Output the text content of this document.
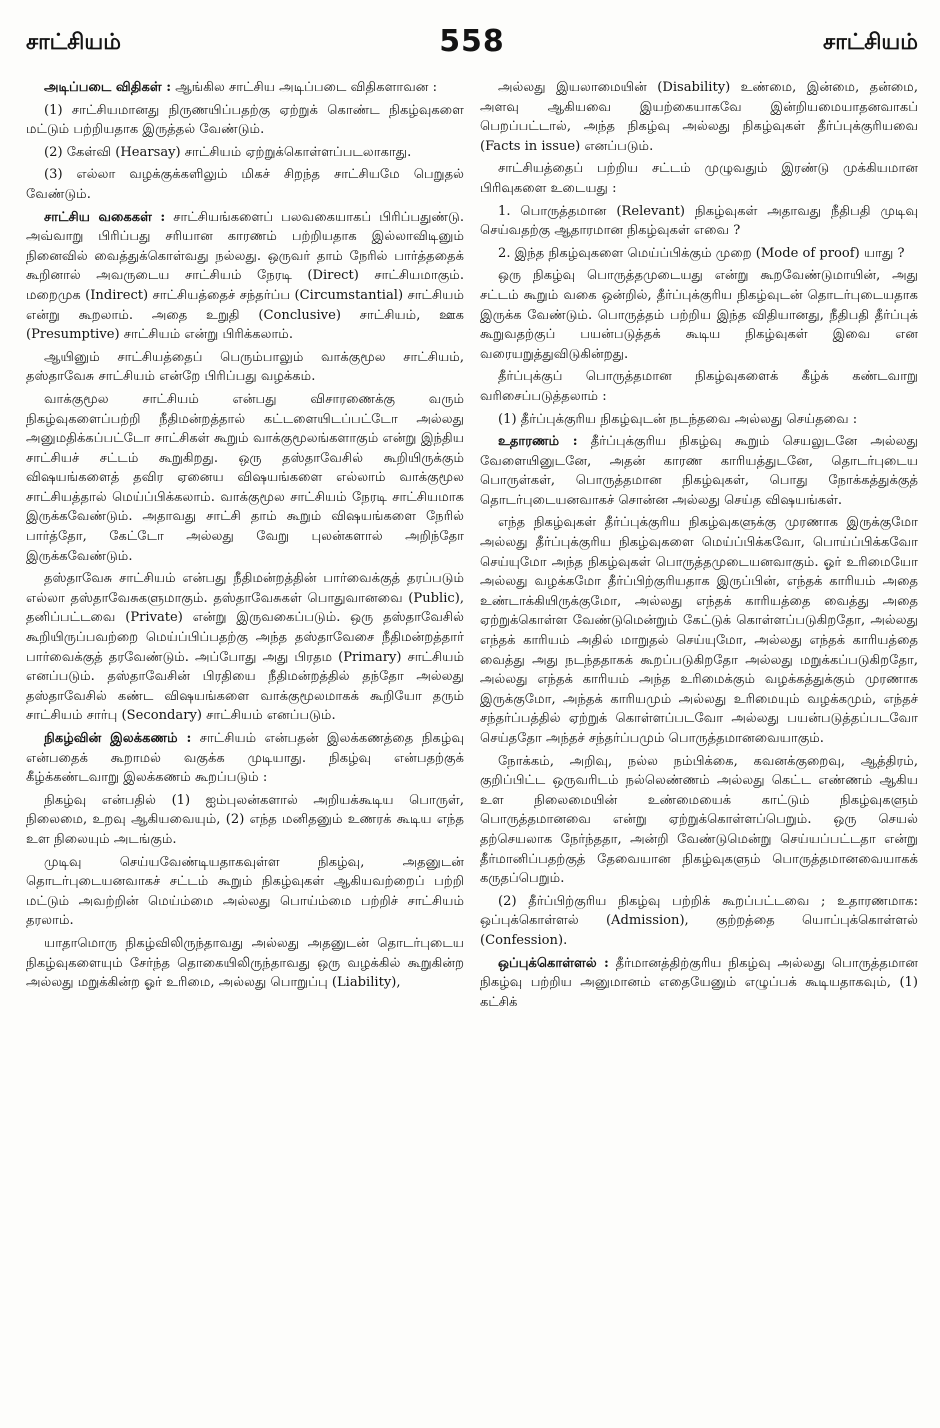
சாட்சியம்	558	சாட்சியம்

அடிப்படை விதிகள் : ஆங்கில சாட்சிய அடிப்படை விதிகளாவன :

(1) சாட்சியமானது நிருணயிப்பதற்கு ஏற்றுக் கொண்ட நிகழ்வுகளை மட்டும் பற்றியதாக இருத்தல் வேண்டும்.

(2) கேள்வி (Hearsay) சாட்சியம் ஏற்றுக்கொள்ளப்படலாகாது.

(3) எல்லா வழக்குக்களிலும் மிகச் சிறந்த சாட்சியமே பெறுதல் வேண்டும்.

சாட்சிய வகைகள் : சாட்சியங்களைப் பலவகையாகப் பிரிப்பதுண்டு. அவ்வாறு பிரிப்பது சரியான காரணம் பற்றியதாக இல்லாவிடினும் நினைவில் வைத்துக்கொள்வது நல்லது. ஒருவர் தாம் நேரில் பார்த்ததைக் கூறினால் அவருடைய சாட்சியம் நேரடி (Direct) சாட்சியமாகும். மறைமுக (Indirect) சாட்சியத்தைச் சந்தர்ப்ப (Circumstantial) சாட்சியம் என்று கூறலாம். அதை உறுதி (Conclusive) சாட்சியம், ஊக (Presumptive) சாட்சியம் என்று பிரிக்கலாம்.

ஆயினும் சாட்சியத்தைப் பெரும்பாலும் வாக்குமூல சாட்சியம், தஸ்தாவேசு சாட்சியம் என்றே பிரிப்பது வழக்கம்.

வாக்குமூல சாட்சியம் என்பது விசாரணைக்கு வரும் நிகழ்வுகளைப்பற்றி நீதிமன்றத்தால் கட்டளையிடப்பட்டோ அல்லது அனுமதிக்கப்பட்டோ சாட்சிகள் கூறும் வாக்குமூலங்களாகும் என்று இந்திய சாட்சியச் சட்டம் கூறுகிறது. ஒரு தஸ்தாவேசில் கூறியிருக்கும் விஷயங்களைத் தவிர ஏனைய விஷயங்களை எல்லாம் வாக்குமூல சாட்சியத்தால் மெய்ப்பிக்கலாம். வாக்குமூல சாட்சியம் நேரடி சாட்சியமாக இருக்கவேண்டும். அதாவது சாட்சி தாம் கூறும் விஷயங்களை நேரில் பார்த்தோ, கேட்டோ அல்லது வேறு புலன்களால் அறிந்தோ இருக்கவேண்டும்.

தஸ்தாவேசு சாட்சியம் என்பது நீதிமன்றத்தின் பார்வைக்குத் தரப்படும் எல்லா தஸ்தாவேசுகளுமாகும். தஸ்தாவேசுகள் பொதுவானவை (Public), தனிப்பட்டவை (Private) என்று இருவகைப்படும். ஒரு தஸ்தாவேசில் கூறியிருப்பவற்றை மெய்ப்பிப்பதற்கு அந்த தஸ்தாவேசை நீதிமன்றத்தார் பார்வைக்குத் தரவேண்டும். அப்போது அது பிரதம (Primary) சாட்சியம் எனப்படும். தஸ்தாவேசின் பிரதியை நீதிமன்றத்தில் தந்தோ அல்லது தஸ்தாவேசில் கண்ட விஷயங்களை வாக்குமூலமாகக் கூறியோ தரும் சாட்சியம் சார்பு (Secondary) சாட்சியம் எனப்படும்.

நிகழ்வின் இலக்கணம் : சாட்சியம் என்பதன் இலக்கணத்தை நிகழ்வு என்பதைக் கூறாமல் வகுக்க முடியாது. நிகழ்வு என்பதற்குக் கீழ்க்கண்டவாறு இலக்கணம் கூறப்படும் :

நிகழ்வு என்பதில் (1) ஐம்புலன்களால் அறியக்கூடிய பொருள், நிலைமை, உறவு ஆகியவையும், (2) எந்த மனிதனும் உணரக் கூடிய எந்த உள நிலையும் அடங்கும்.

முடிவு செய்யவேண்டியதாகவுள்ள நிகழ்வு, அதனுடன் தொடர்புடையனவாகச் சட்டம் கூறும் நிகழ்வுகள் ஆகியவற்றைப் பற்றி மட்டும் அவற்றின் மெய்ம்மை அல்லது பொய்ம்மை பற்றிச் சாட்சியம் தரலாம்.

யாதாமொரு நிகழ்விலிருந்தாவது அல்லது அதனுடன் தொடர்புடைய நிகழ்வுகளையும் சேர்ந்த தொகையிலிருந்தாவது ஒரு வழக்கில் கூறுகின்ற அல்லது மறுக்கின்ற ஓர் உரிமை, அல்லது பொறுப்பு (Liability),

அல்லது இயலாமையின் (Disability) உண்மை, இன்மை, தன்மை, அளவு ஆகியவை இயற்கையாகவே இன்றியமையாதனவாகப் பெறப்பட்டால், அந்த நிகழ்வு அல்லது நிகழ்வுகள் தீர்ப்புக்குரியவை (Facts in issue) எனப்படும்.

சாட்சியத்தைப் பற்றிய சட்டம் முழுவதும் இரண்டு முக்கியமான பிரிவுகளை உடையது :

1. பொருத்தமான (Relevant) நிகழ்வுகள் அதாவது நீதிபதி முடிவு செய்வதற்கு ஆதாரமான நிகழ்வுகள் எவை ?

2. இந்த நிகழ்வுகளை மெய்ப்பிக்கும் முறை (Mode of proof) யாது ?

ஒரு நிகழ்வு பொருத்தமுடையது என்று கூறவேண்டுமாயின், அது சட்டம் கூறும் வகை ஒன்றில், தீர்ப்புக்குரிய நிகழ்வுடன் தொடர்புடையதாக இருக்க வேண்டும். பொருத்தம் பற்றிய இந்த விதியானது, நீதிபதி தீர்ப்புக் கூறுவதற்குப் பயன்படுத்தக் கூடிய நிகழ்வுகள் இவை என வரையறுத்துவிடுகின்றது.

தீர்ப்புக்குப் பொருத்தமான நிகழ்வுகளைக் கீழ்க் கண்டவாறு வரிசைப்படுத்தலாம் :

(1) தீர்ப்புக்குரிய நிகழ்வுடன் நடந்தவை அல்லது செய்தவை :

உதாரணம் : தீர்ப்புக்குரிய நிகழ்வு கூறும் செயலுடனே அல்லது வேளையினுடனே, அதன் காரண காரியத்துடனே, தொடர்புடைய பொருள்கள், பொருத்தமான நிகழ்வுகள், பொது நோக்கத்துக்குத் தொடர்புடையனவாகச் சொன்ன அல்லது செய்த விஷயங்கள்.

எந்த நிகழ்வுகள் தீர்ப்புக்குரிய நிகழ்வுகளுக்கு முரணாக இருக்குமோ அல்லது தீர்ப்புக்குரிய நிகழ்வுகளை மெய்ப்பிக்கவோ, பொய்ப்பிக்கவோ செய்யுமோ அந்த நிகழ்வுகள் பொருத்தமுடையனவாகும். ஓர் உரிமையோ அல்லது வழக்கமோ தீர்ப்பிற்குரியதாக இருப்பின், எந்தக் காரியம் அதை உண்டாக்கியிருக்குமோ, அல்லது எந்தக் காரியத்தை வைத்து அதை ஏற்றுக்கொள்ள வேண்டுமென்றும் கேட்டுக் கொள்ளப்படுகிறதோ, அல்லது எந்தக் காரியம் அதில் மாறுதல் செய்யுமோ, அல்லது எந்தக் காரியத்தை வைத்து அது நடந்ததாகக் கூறப்படுகிறதோ அல்லது மறுக்கப்படுகிறதோ, அல்லது எந்தக் காரியம் அந்த உரிமைக்கும் வழக்கத்துக்கும் முரணாக இருக்குமோ, அந்தக் காரியமும் அல்லது உரிமையும் வழக்கமும், எந்தச் சந்தர்ப்பத்தில் ஏற்றுக் கொள்ளப்படவோ அல்லது பயன்படுத்தப்படவோ செய்ததோ அந்தச் சந்தர்ப்பமும் பொருத்தமானவையாகும்.

நோக்கம், அறிவு, நல்ல நம்பிக்கை, கவனக்குறைவு, ஆத்திரம், குறிப்பிட்ட ஒருவரிடம் நல்லெண்ணம் அல்லது கெட்ட எண்ணம் ஆகிய உள நிலைமையின் உண்மையைக் காட்டும் நிகழ்வுகளும் பொருத்தமானவை என்று ஏற்றுக்கொள்ளப்பெறும். ஒரு செயல் தற்செயலாக நேர்ந்ததா, அன்றி வேண்டுமென்று செய்யப்பட்டதா என்று தீர்மானிப்பதற்குத் தேவையான நிகழ்வுகளும் பொருத்தமானவையாகக் கருதப்பெறும்.

(2) தீர்ப்பிற்குரிய நிகழ்வு பற்றிக் கூறப்பட்டவை ; உதாரணமாக: ஒப்புக்கொள்ளல் (Admission), குற்றத்தை யொப்புக்கொள்ளல் (Confession).

ஒப்புக்கொள்ளல் : தீர்மானத்திற்குரிய நிகழ்வு அல்லது பொருத்தமான நிகழ்வு பற்றிய அனுமானம் எதையேனும் எழுப்பக் கூடியதாகவும், (1) கட்சிக்
